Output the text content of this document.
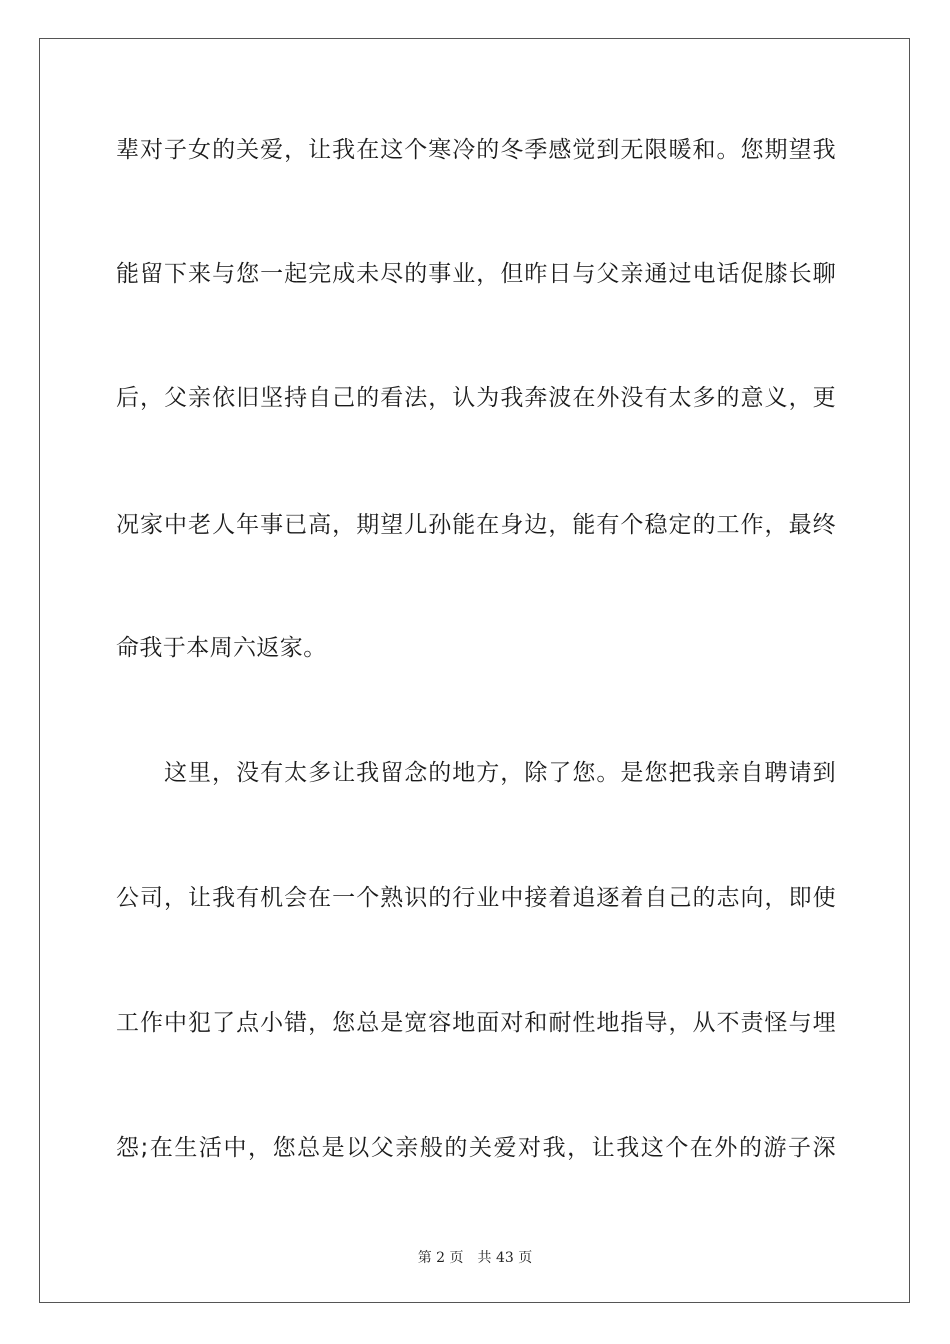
辈对子女的关爱，让我在这个寒冷的冬季感觉到无限暖和。您期望我
能留下来与您一起完成未尽的事业，但昨日与父亲通过电话促膝长聊
后，父亲依旧坚持自己的看法，认为我奔波在外没有太多的意义，更
况家中老人年事已高，期望儿孙能在身边，能有个稳定的工作，最终
命我于本周六返家。
这里，没有太多让我留念的地方，除了您。是您把我亲自聘请到
公司，让我有机会在一个熟识的行业中接着追逐着自己的志向，即使
工作中犯了点小错，您总是宽容地面对和耐性地指导，从不责怪与埋
怨;在生活中，您总是以父亲般的关爱对我，让我这个在外的游子深
第 2 页　共 43 页
